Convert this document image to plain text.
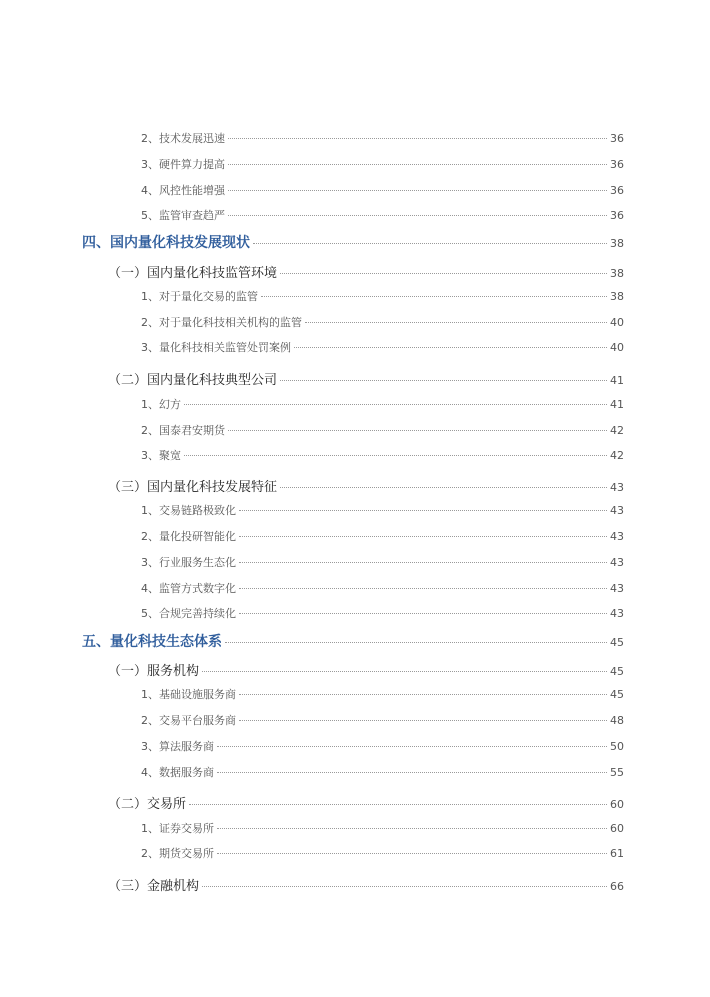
2、技术发展迅速	36
3、硬件算力提高	36
4、风控性能增强	36
5、监管审查趋严	36
四、国内量化科技发展现状	38
（一）国内量化科技监管环境	38
1、对于量化交易的监管	38
2、对于量化科技相关机构的监管	40
3、量化科技相关监管处罚案例	40
（二）国内量化科技典型公司	41
1、幻方	41
2、国泰君安期货	42
3、聚宽	42
（三）国内量化科技发展特征	43
1、交易链路极致化	43
2、量化投研智能化	43
3、行业服务生态化	43
4、监管方式数字化	43
5、合规完善持续化	43
五、量化科技生态体系	45
（一）服务机构	45
1、基础设施服务商	45
2、交易平台服务商	48
3、算法服务商	50
4、数据服务商	55
（二）交易所	60
1、证券交易所	60
2、期货交易所	61
（三）金融机构	66
